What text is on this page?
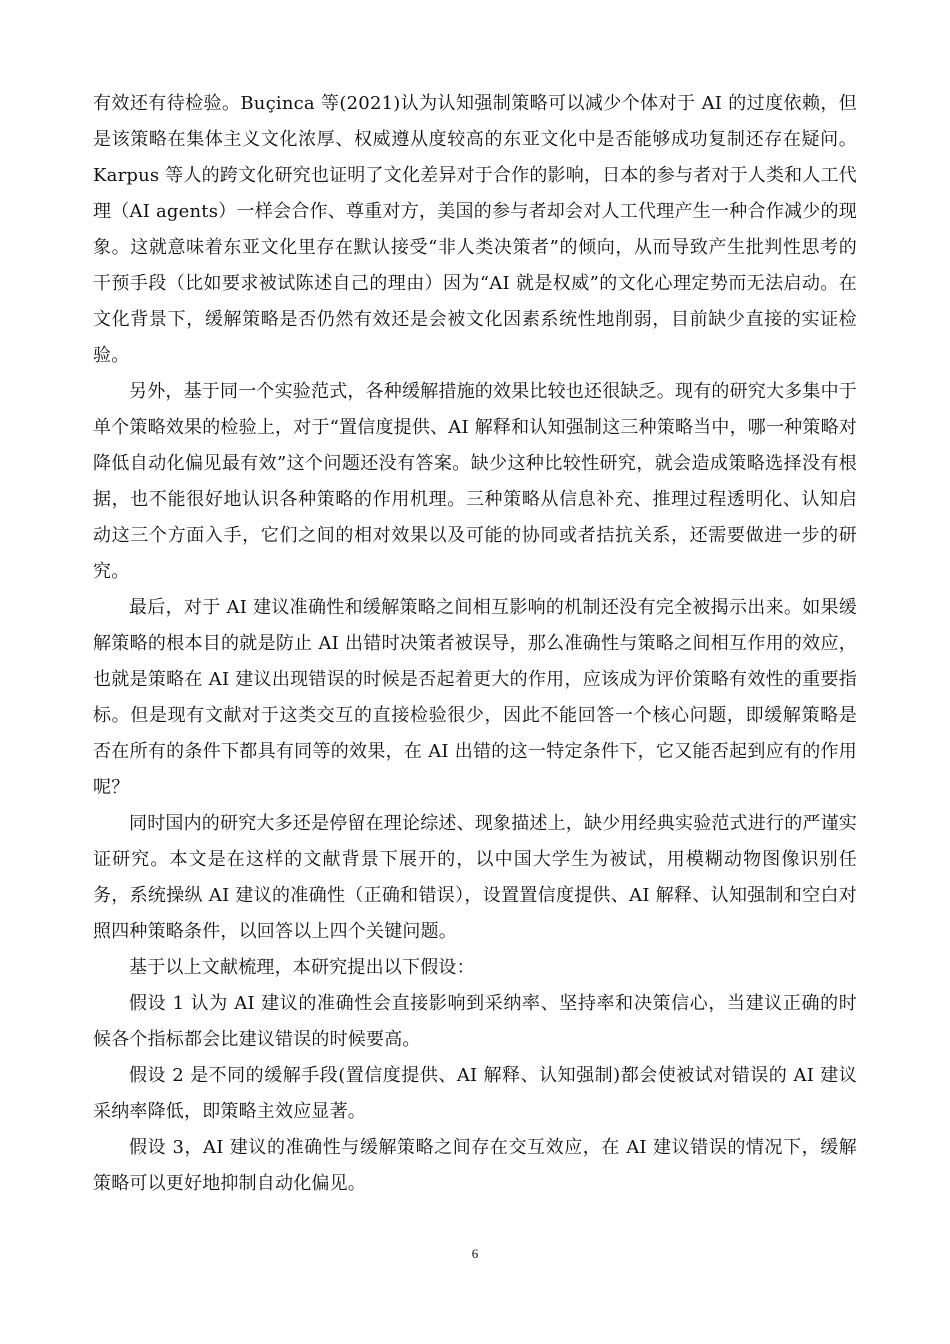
有效还有待检验。Buçinca 等(2021)认为认知强制策略可以减少个体对于 AI 的过度依赖，但是该策略在集体主义文化浓厚、权威遵从度较高的东亚文化中是否能够成功复制还存在疑问。Karpus 等人的跨文化研究也证明了文化差异对于合作的影响，日本的参与者对于人类和人工代理（AI agents）一样会合作、尊重对方，美国的参与者却会对人工代理产生一种合作减少的现象。这就意味着东亚文化里存在默认接受“非人类决策者”的倾向，从而导致产生批判性思考的干预手段（比如要求被试陈述自己的理由）因为“AI 就是权威”的文化心理定势而无法启动。在文化背景下，缓解策略是否仍然有效还是会被文化因素系统性地削弱，目前缺少直接的实证检验。

另外，基于同一个实验范式，各种缓解措施的效果比较也还很缺乏。现有的研究大多集中于单个策略效果的检验上，对于“置信度提供、AI 解释和认知强制这三种策略当中，哪一种策略对降低自动化偏见最有效”这个问题还没有答案。缺少这种比较性研究，就会造成策略选择没有根据，也不能很好地认识各种策略的作用机理。三种策略从信息补充、推理过程透明化、认知启动这三个方面入手，它们之间的相对效果以及可能的协同或者拮抗关系，还需要做进一步的研究。

最后，对于 AI 建议准确性和缓解策略之间相互影响的机制还没有完全被揭示出来。如果缓解策略的根本目的就是防止 AI 出错时决策者被误导，那么准确性与策略之间相互作用的效应，也就是策略在 AI 建议出现错误的时候是否起着更大的作用，应该成为评价策略有效性的重要指标。但是现有文献对于这类交互的直接检验很少，因此不能回答一个核心问题，即缓解策略是否在所有的条件下都具有同等的效果，在 AI 出错的这一特定条件下，它又能否起到应有的作用呢？

同时国内的研究大多还是停留在理论综述、现象描述上，缺少用经典实验范式进行的严谨实证研究。本文是在这样的文献背景下展开的，以中国大学生为被试，用模糊动物图像识别任务，系统操纵 AI 建议的准确性（正确和错误），设置置信度提供、AI 解释、认知强制和空白对照四种策略条件，以回答以上四个关键问题。

基于以上文献梳理，本研究提出以下假设：

假设 1 认为 AI 建议的准确性会直接影响到采纳率、坚持率和决策信心，当建议正确的时候各个指标都会比建议错误的时候要高。

假设 2 是不同的缓解手段(置信度提供、AI 解释、认知强制)都会使被试对错误的 AI 建议采纳率降低，即策略主效应显著。

假设 3，AI 建议的准确性与缓解策略之间存在交互效应，在 AI 建议错误的情况下，缓解策略可以更好地抑制自动化偏见。

6
